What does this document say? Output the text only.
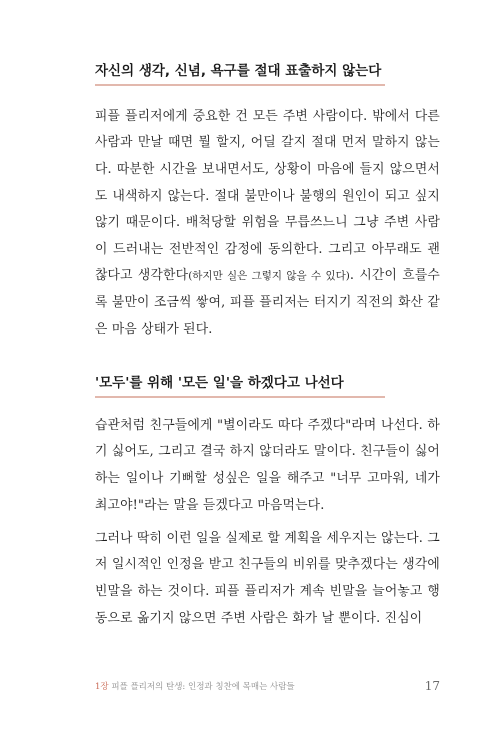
자신의 생각, 신념, 욕구를 절대 표출하지 않는다

피플 플리저에게 중요한 건 모든 주변 사람이다. 밖에서 다른 사람과 만날 때면 뭘 할지, 어딜 갈지 절대 먼저 말하지 않는다. 따분한 시간을 보내면서도, 상황이 마음에 들지 않으면서도 내색하지 않는다. 절대 불만이나 불행의 원인이 되고 싶지 않기 때문이다. 배척당할 위험을 무릅쓰느니 그냥 주변 사람이 드러내는 전반적인 감정에 동의한다. 그리고 아무래도 괜찮다고 생각한다(하지만 실은 그렇지 않을 수 있다). 시간이 흐를수록 불만이 조금씩 쌓여, 피플 플리저는 터지기 직전의 화산 같은 마음 상태가 된다.

'모두'를 위해 '모든 일'을 하겠다고 나선다

습관처럼 친구들에게 "별이라도 따다 주겠다"라며 나선다. 하기 싫어도, 그리고 결국 하지 않더라도 말이다. 친구들이 싫어하는 일이나 기뻐할 성싶은 일을 해주고 "너무 고마워, 네가 최고야!"라는 말을 듣겠다고 마음먹는다.

그러나 딱히 이런 일을 실제로 할 계획을 세우지는 않는다. 그저 일시적인 인정을 받고 친구들의 비위를 맞추겠다는 생각에 빈말을 하는 것이다. 피플 플리저가 계속 빈말을 늘어놓고 행동으로 옮기지 않으면 주변 사람은 화가 날 뿐이다. 진심이

1장 피플 플리저의 탄생: 인정과 칭찬에 목매는 사람들	17
